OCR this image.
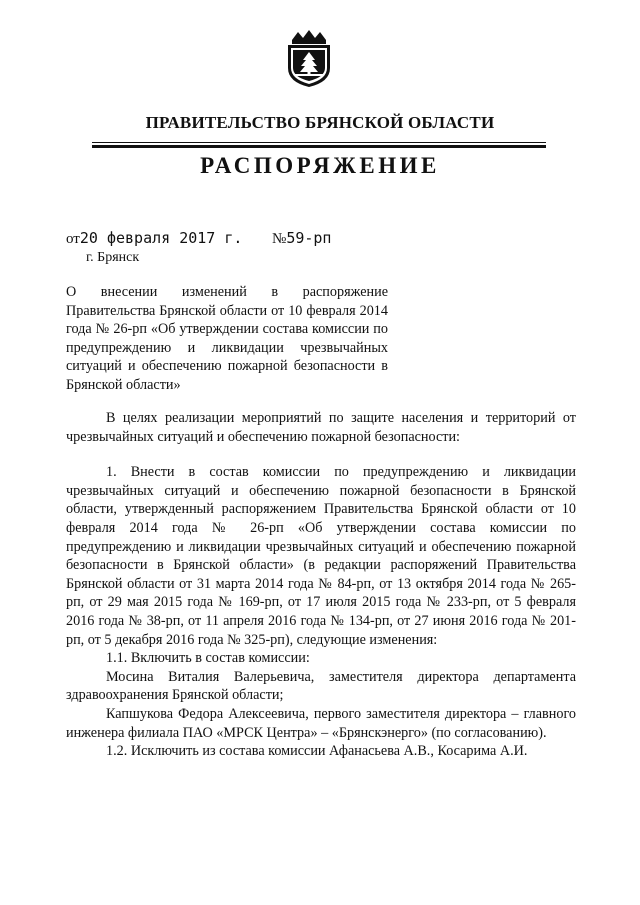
ПРАВИТЕЛЬСТВО БРЯНСКОЙ ОБЛАСТИ
РАСПОРЯЖЕНИЕ
от20 февраля 2017 г. №59-рп
г. Брянск
О внесении изменений в распоряжение Правительства Брянской области от 10 февраля 2014 года № 26-рп «Об утверждении состава комиссии по предупреждению и ликвидации чрезвычайных ситуаций и обеспечению пожарной безопасности в Брянской области»

В целях реализации мероприятий по защите населения и территорий от чрезвычайных ситуаций и обеспечению пожарной безопасности:

1. Внести в состав комиссии по предупреждению и ликвидации чрезвычайных ситуаций и обеспечению пожарной безопасности в Брянской области, утвержденный распоряжением Правительства Брянской области от 10 февраля 2014 года № 26-рп «Об утверждении состава комиссии по предупреждению и ликвидации чрезвычайных ситуаций и обеспечению пожарной безопасности в Брянской области» (в редакции распоряжений Правительства Брянской области от 31 марта 2014 года № 84-рп, от 13 октября 2014 года № 265-рп, от 29 мая 2015 года № 169-рп, от 17 июля 2015 года № 233-рп, от 5 февраля 2016 года № 38-рп, от 11 апреля 2016 года № 134-рп, от 27 июня 2016 года № 201-рп, от 5 декабря 2016 года № 325-рп), следующие изменения:

1.1. Включить в состав комиссии:

Мосина Виталия Валерьевича, заместителя директора департамента здравоохранения Брянской области;

Капшукова Федора Алексеевича, первого заместителя директора – главного инженера филиала ПАО «МРСК Центра» – «Брянскэнерго» (по согласованию).

1.2. Исключить из состава комиссии Афанасьева А.В., Косарима А.И.
